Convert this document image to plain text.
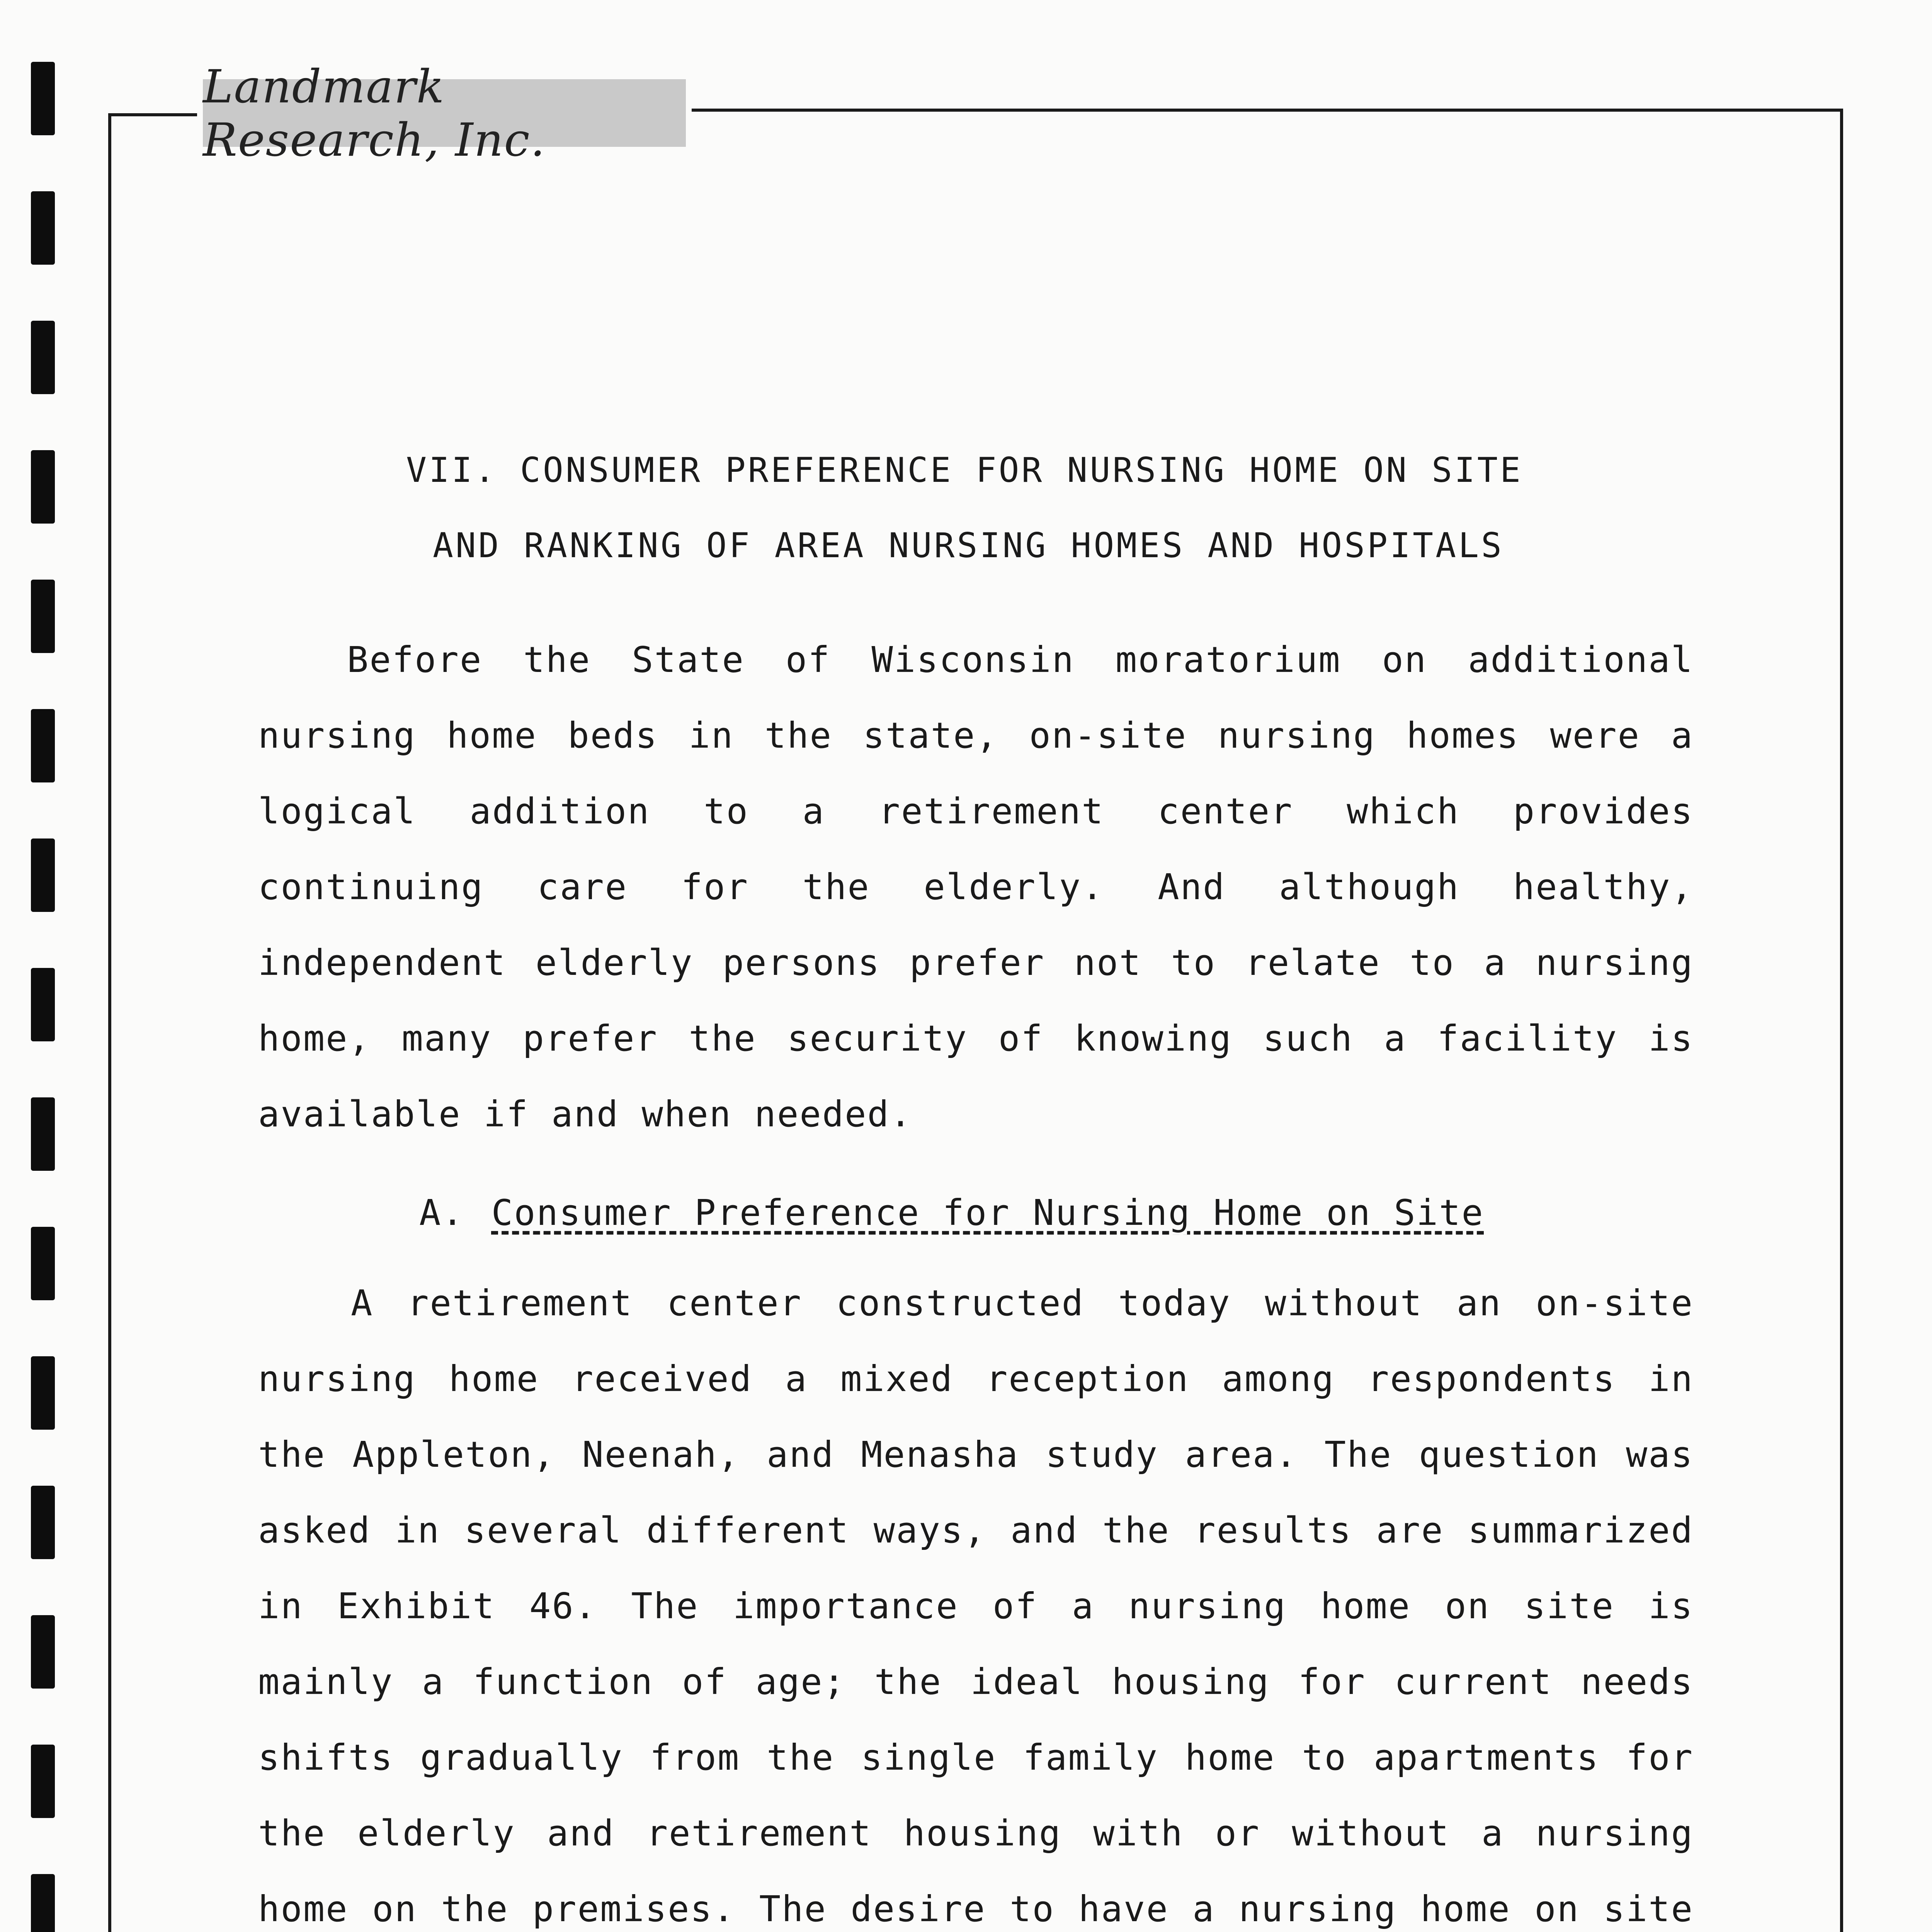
Landmark Research, Inc.
VII. CONSUMER PREFERENCE FOR NURSING HOME ON SITE
AND RANKING OF AREA NURSING HOMES AND HOSPITALS

Before the State of Wisconsin moratorium on additional nursing home beds in the state, on-site nursing homes were a logical addition to a retirement center which provides continuing care for the elderly. And although healthy, independent elderly persons prefer not to relate to a nursing home, many prefer the security of knowing such a facility is available if and when needed.

A. Consumer Preference for Nursing Home on Site

A retirement center constructed today without an on-site nursing home received a mixed reception among respondents in the Appleton, Neenah, and Menasha study area. The question was asked in several different ways, and the results are summarized in Exhibit 46. The importance of a nursing home on site is mainly a function of age; the ideal housing for current needs shifts gradually from the single family home to apartments for the elderly and retirement housing with or without a nursing home on the premises. The desire to have a nursing home on site
